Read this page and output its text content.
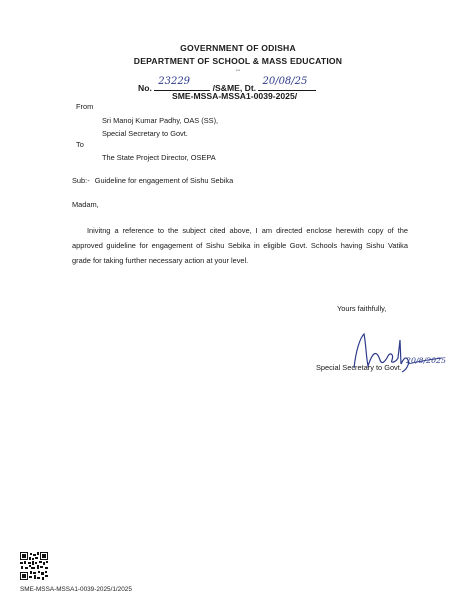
GOVERNMENT OF ODISHA
DEPARTMENT OF SCHOOL & MASS EDUCATION
***
No.
23229
/S&ME, Dt.
20/08/25
SME-MSSA-MSSA1-0039-2025/
From
Sri Manoj Kumar Padhy, OAS (SS),
Special Secretary to Govt.
To
The State Project Director, OSEPA
Sub:- Guideline for engagement of Sishu Sebika
Madam,
Inivitng a reference to the subject cited above, I am directed enclose herewith copy of the approved guideline for engagement of Sishu Sebika in eligible Govt. Schools having Sishu Vatika grade for taking further necessary action at your level.
Yours faithfully,
20/8/2025
Special Secretary to Govt.
SME-MSSA-MSSA1-0039-2025/1/2025
